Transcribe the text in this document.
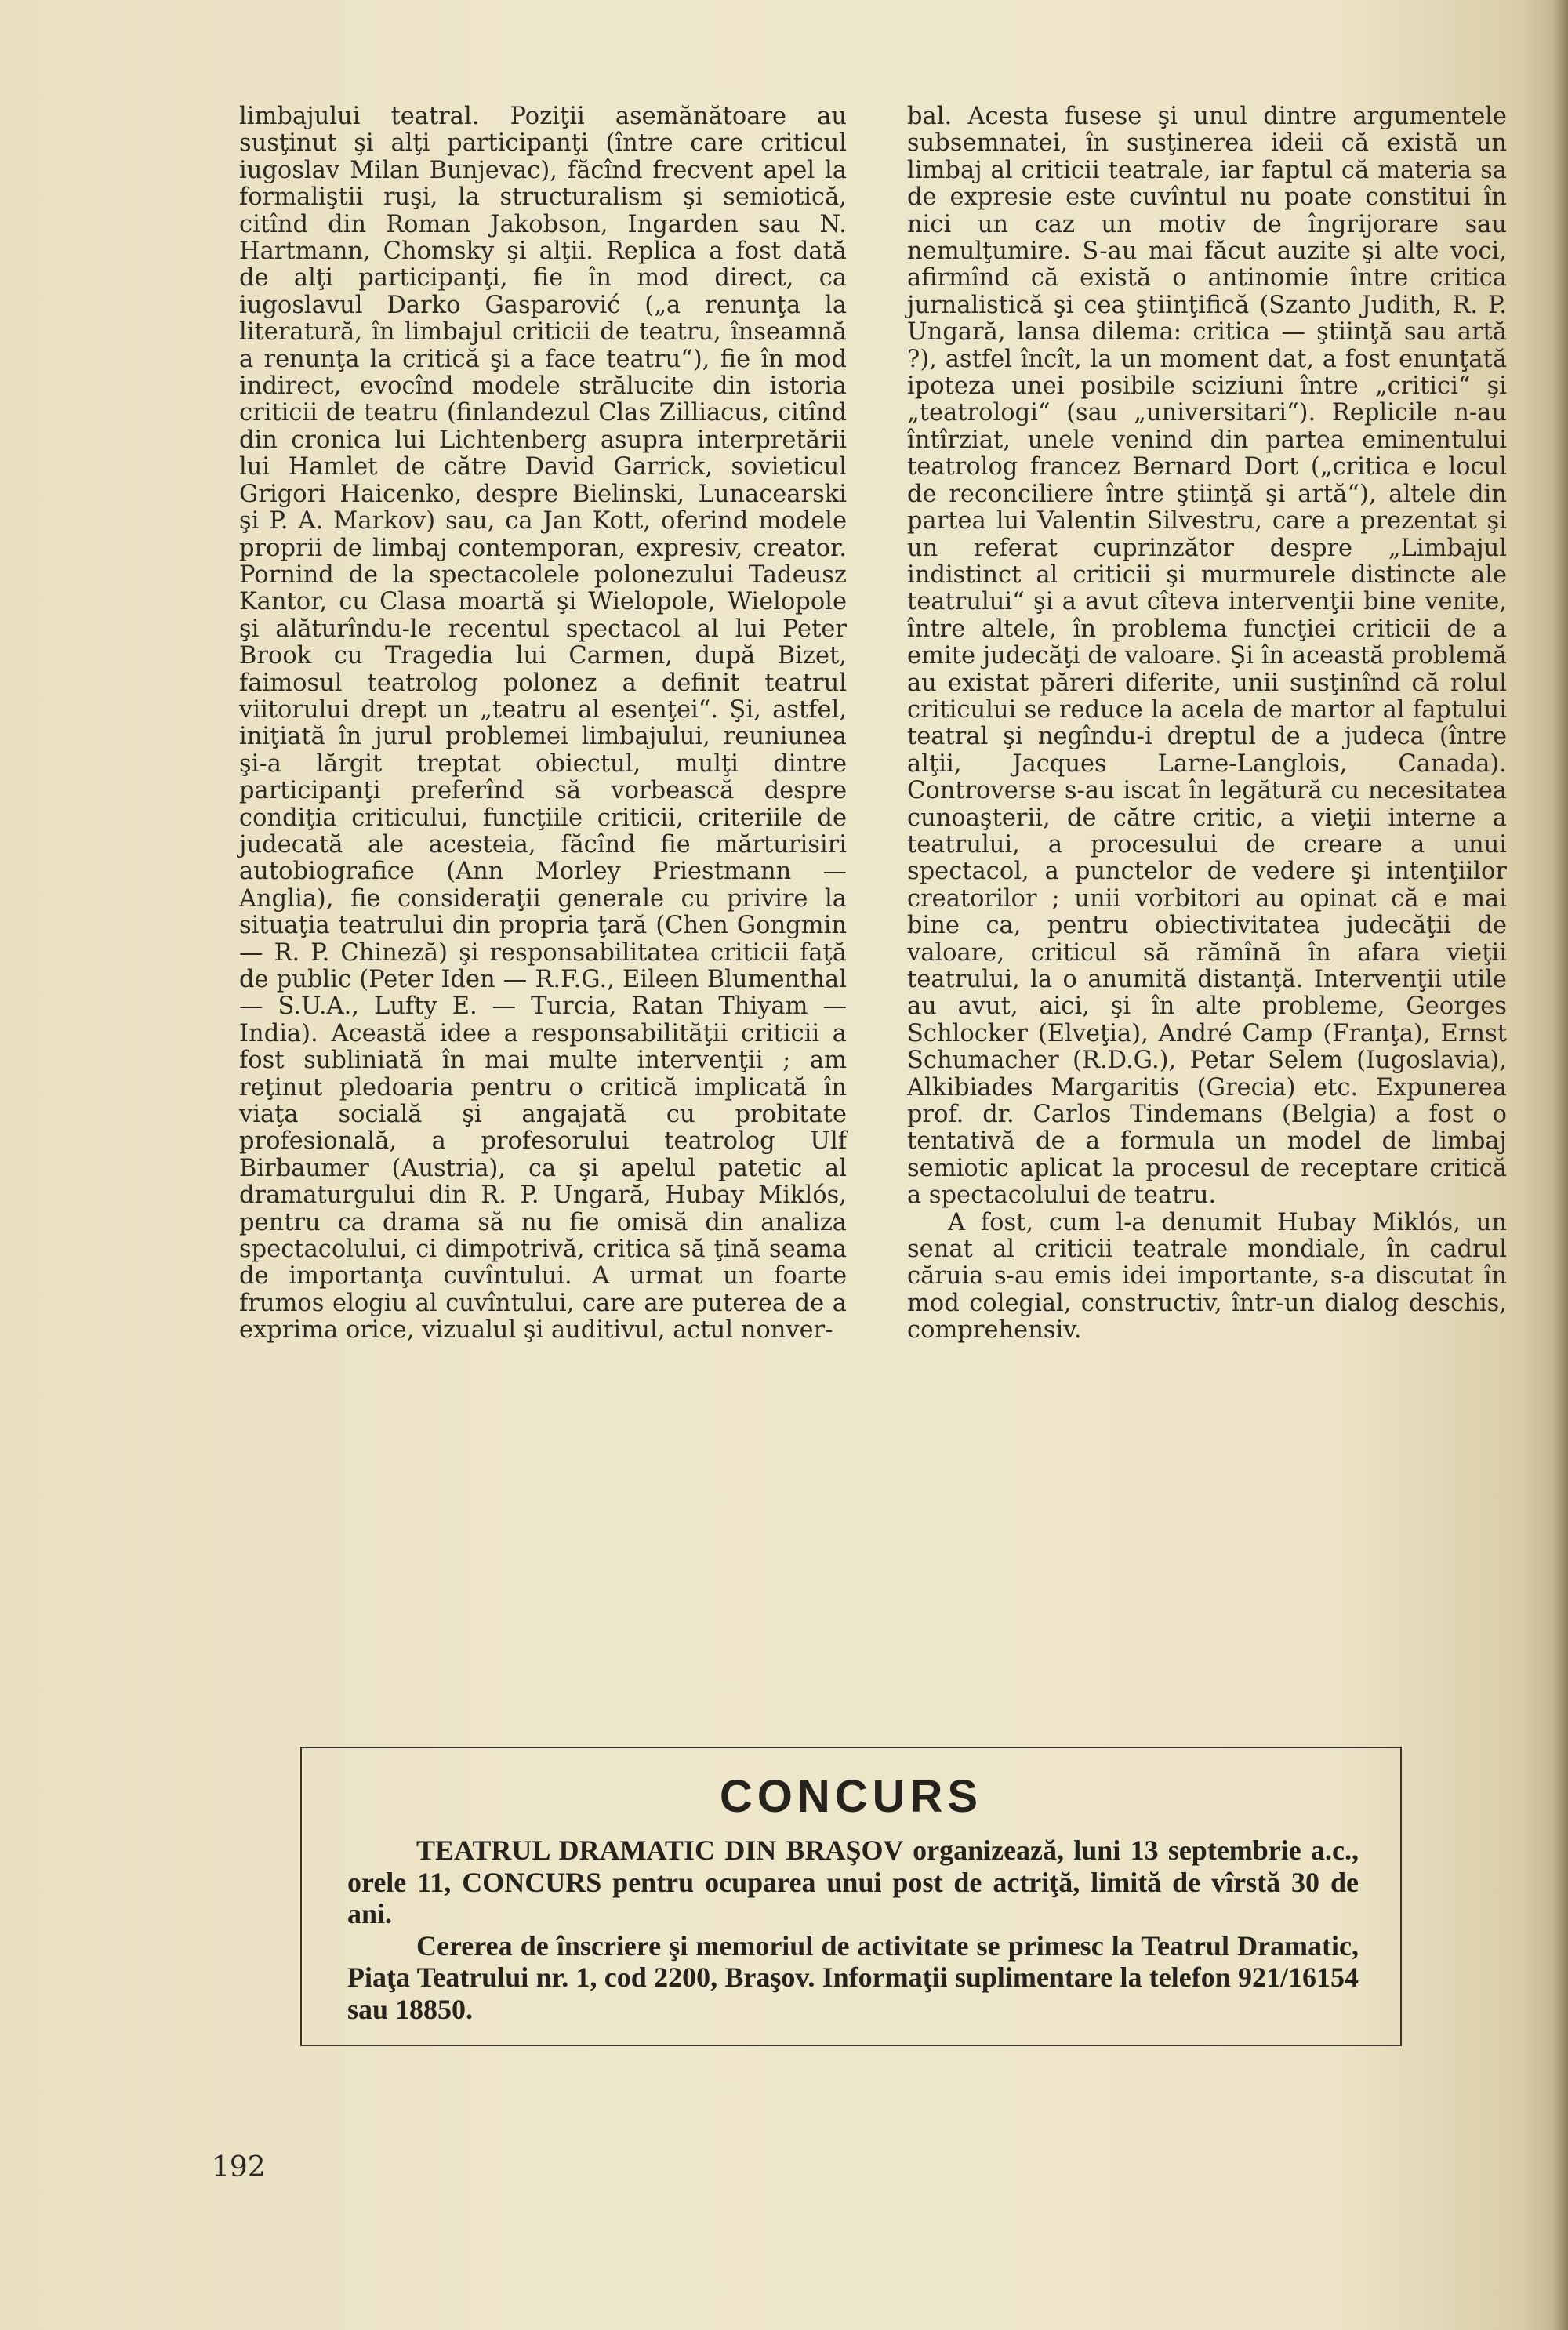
limbajului teatral. Poziţii asemănătoare au susţinut şi alţi participanţi (între care criticul iugoslav Milan Bunjevac), făcînd frecvent apel la formaliştii ruşi, la structuralism şi semiotică, citînd din Roman Jakobson, Ingarden sau N. Hartmann, Chomsky şi alţii. Replica a fost dată de alţi participanţi, fie în mod direct, ca iugoslavul Darko Gasparović („a renunţa la literatură, în limbajul criticii de teatru, înseamnă a renunţa la critică şi a face teatru“), fie în mod indirect, evocînd modele strălucite din istoria criticii de teatru (finlandezul Clas Zilliacus, citînd din cronica lui Lichtenberg asupra interpretării lui Hamlet de către David Garrick, sovieticul Grigori Haicenko, despre Bielinski, Lunacearski şi P. A. Markov) sau, ca Jan Kott, oferind modele proprii de limbaj contemporan, expresiv, creator. Pornind de la spectacolele polonezului Tadeusz Kantor, cu Clasa moartă şi Wielopole, Wielopole şi alăturîndu-le recentul spectacol al lui Peter Brook cu Tragedia lui Carmen, după Bizet, faimosul teatrolog polonez a definit teatrul viitorului drept un „teatru al esenţei“. Şi, astfel, iniţiată în jurul problemei limbajului, reuniunea şi-a lărgit treptat obiectul, mulţi dintre participanţi preferînd să vorbească despre condiţia criticului, funcţiile criticii, criteriile de judecată ale acesteia, făcînd fie mărturisiri autobiografice (Ann Morley Priestmann — Anglia), fie consideraţii generale cu privire la situaţia teatrului din propria ţară (Chen Gongmin — R. P. Chineză) şi responsabilitatea criticii faţă de public (Peter Iden — R.F.G., Eileen Blumenthal — S.U.A., Lufty E. — Turcia, Ratan Thiyam — India). Această idee a responsabilităţii criticii a fost subliniată în mai multe intervenţii ; am reţinut pledoaria pentru o critică implicată în viaţa socială şi angajată cu probitate profesională, a profesorului teatrolog Ulf Birbaumer (Austria), ca şi apelul patetic al dramaturgului din R. P. Ungară, Hubay Miklós, pentru ca drama să nu fie omisă din analiza spectacolului, ci dimpotrivă, critica să ţină seama de importanţa cuvîntului. A urmat un foarte frumos elogiu al cuvîntului, care are puterea de a exprima orice, vizualul şi auditivul, actul nonver-

bal. Acesta fusese şi unul dintre argumentele subsemnatei, în susţinerea ideii că există un limbaj al criticii teatrale, iar faptul că materia sa de expresie este cuvîntul nu poate constitui în nici un caz un motiv de îngrijorare sau nemulţumire. S-au mai făcut auzite şi alte voci, afirmînd că există o antinomie între critica jurnalistică şi cea ştiinţifică (Szanto Judith, R. P. Ungară, lansa dilema: critica — ştiinţă sau artă ?), astfel încît, la un moment dat, a fost enunţată ipoteza unei posibile sciziuni între „critici“ şi „teatrologi“ (sau „universitari“). Replicile n-au întîrziat, unele venind din partea eminentului teatrolog francez Bernard Dort („critica e locul de reconciliere între ştiinţă şi artă“), altele din partea lui Valentin Silvestru, care a prezentat şi un referat cuprinzător despre „Limbajul indistinct al criticii şi murmurele distincte ale teatrului“ şi a avut cîteva intervenţii bine venite, între altele, în problema funcţiei criticii de a emite judecăţi de valoare. Şi în această problemă au existat păreri diferite, unii susţinînd că rolul criticului se reduce la acela de martor al faptului teatral şi negîndu-i dreptul de a judeca (între alţii, Jacques Larne-Langlois, Canada). Controverse s-au iscat în legătură cu necesitatea cunoaşterii, de către critic, a vieţii interne a teatrului, a procesului de creare a unui spectacol, a punctelor de vedere şi intenţiilor creatorilor ; unii vorbitori au opinat că e mai bine ca, pentru obiectivitatea judecăţii de valoare, criticul să rămînă în afara vieţii teatrului, la o anumită distanţă. Intervenţii utile au avut, aici, şi în alte probleme, Georges Schlocker (Elveţia), André Camp (Franţa), Ernst Schumacher (R.D.G.), Petar Selem (Iugoslavia), Alkibiades Margaritis (Grecia) etc. Expunerea prof. dr. Carlos Tindemans (Belgia) a fost o tentativă de a formula un model de limbaj semiotic aplicat la procesul de receptare critică a spectacolului de teatru.

A fost, cum l-a denumit Hubay Miklós, un senat al criticii teatrale mondiale, în cadrul căruia s-au emis idei importante, s-a discutat în mod colegial, constructiv, într-un dialog deschis, comprehensiv.

CONCURS

TEATRUL DRAMATIC DIN BRAŞOV organizează, luni 13 septembrie a.c., orele 11, CONCURS pentru ocuparea unui post de actriţă, limită de vîrstă 30 de ani.

Cererea de înscriere şi memoriul de activitate se primesc la Teatrul Dramatic, Piaţa Teatrului nr. 1, cod 2200, Braşov. Informaţii suplimentare la telefon 921/16154 sau 18850.

192
